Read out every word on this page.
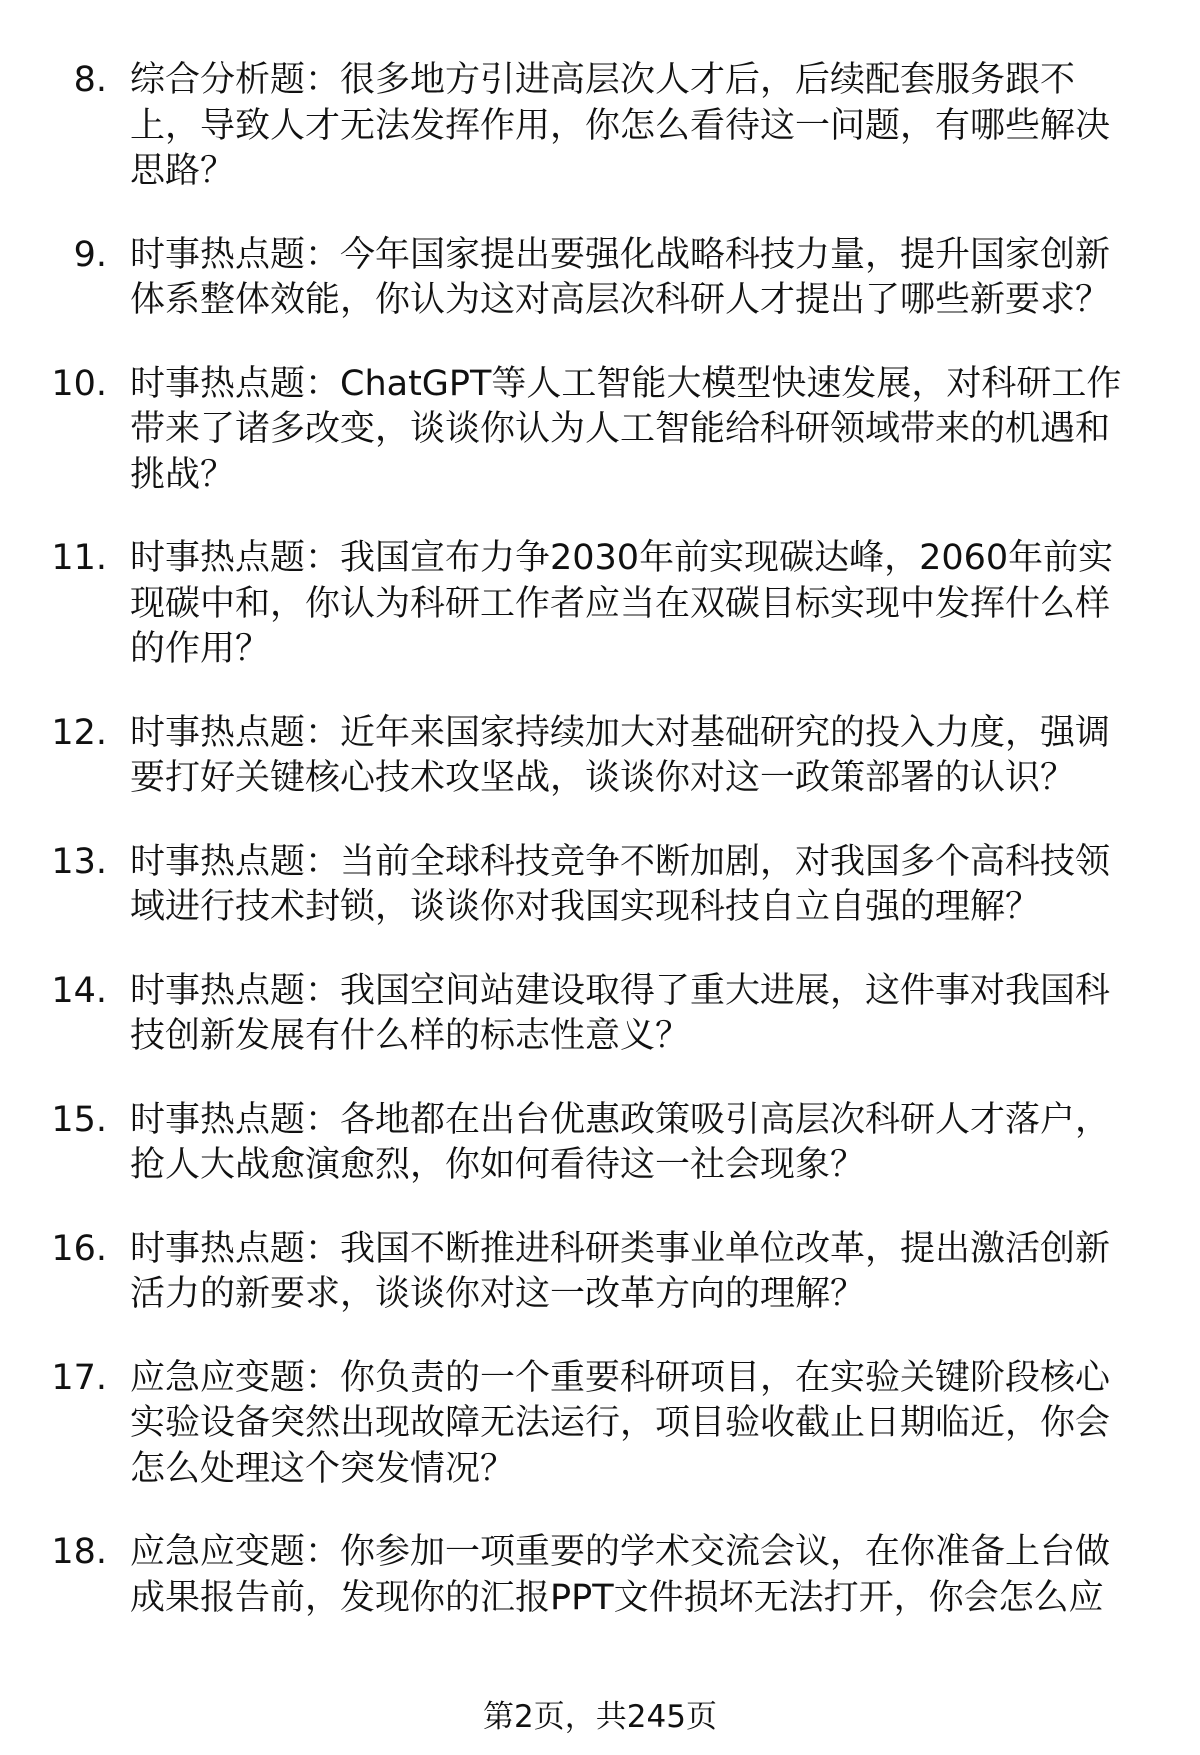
8. 综合分析题：很多地方引进高层次人才后，后续配套服务跟不上，导致人才无法发挥作用，你怎么看待这一问题，有哪些解决思路？
9. 时事热点题：今年国家提出要强化战略科技力量，提升国家创新体系整体效能，你认为这对高层次科研人才提出了哪些新要求？
10. 时事热点题：ChatGPT等人工智能大模型快速发展，对科研工作带来了诸多改变，谈谈你认为人工智能给科研领域带来的机遇和挑战？
11. 时事热点题：我国宣布力争2030年前实现碳达峰，2060年前实现碳中和，你认为科研工作者应当在双碳目标实现中发挥什么样的作用？
12. 时事热点题：近年来国家持续加大对基础研究的投入力度，强调要打好关键核心技术攻坚战，谈谈你对这一政策部署的认识？
13. 时事热点题：当前全球科技竞争不断加剧，对我国多个高科技领域进行技术封锁，谈谈你对我国实现科技自立自强的理解？
14. 时事热点题：我国空间站建设取得了重大进展，这件事对我国科技创新发展有什么样的标志性意义？
15. 时事热点题：各地都在出台优惠政策吸引高层次科研人才落户，抢人大战愈演愈烈，你如何看待这一社会现象？
16. 时事热点题：我国不断推进科研类事业单位改革，提出激活创新活力的新要求，谈谈你对这一改革方向的理解？
17. 应急应变题：你负责的一个重要科研项目，在实验关键阶段核心实验设备突然出现故障无法运行，项目验收截止日期临近，你会怎么处理这个突发情况？
18. 应急应变题：你参加一项重要的学术交流会议，在你准备上台做成果报告前，发现你的汇报PPT文件损坏无法打开，你会怎么应
第2页，共245页
